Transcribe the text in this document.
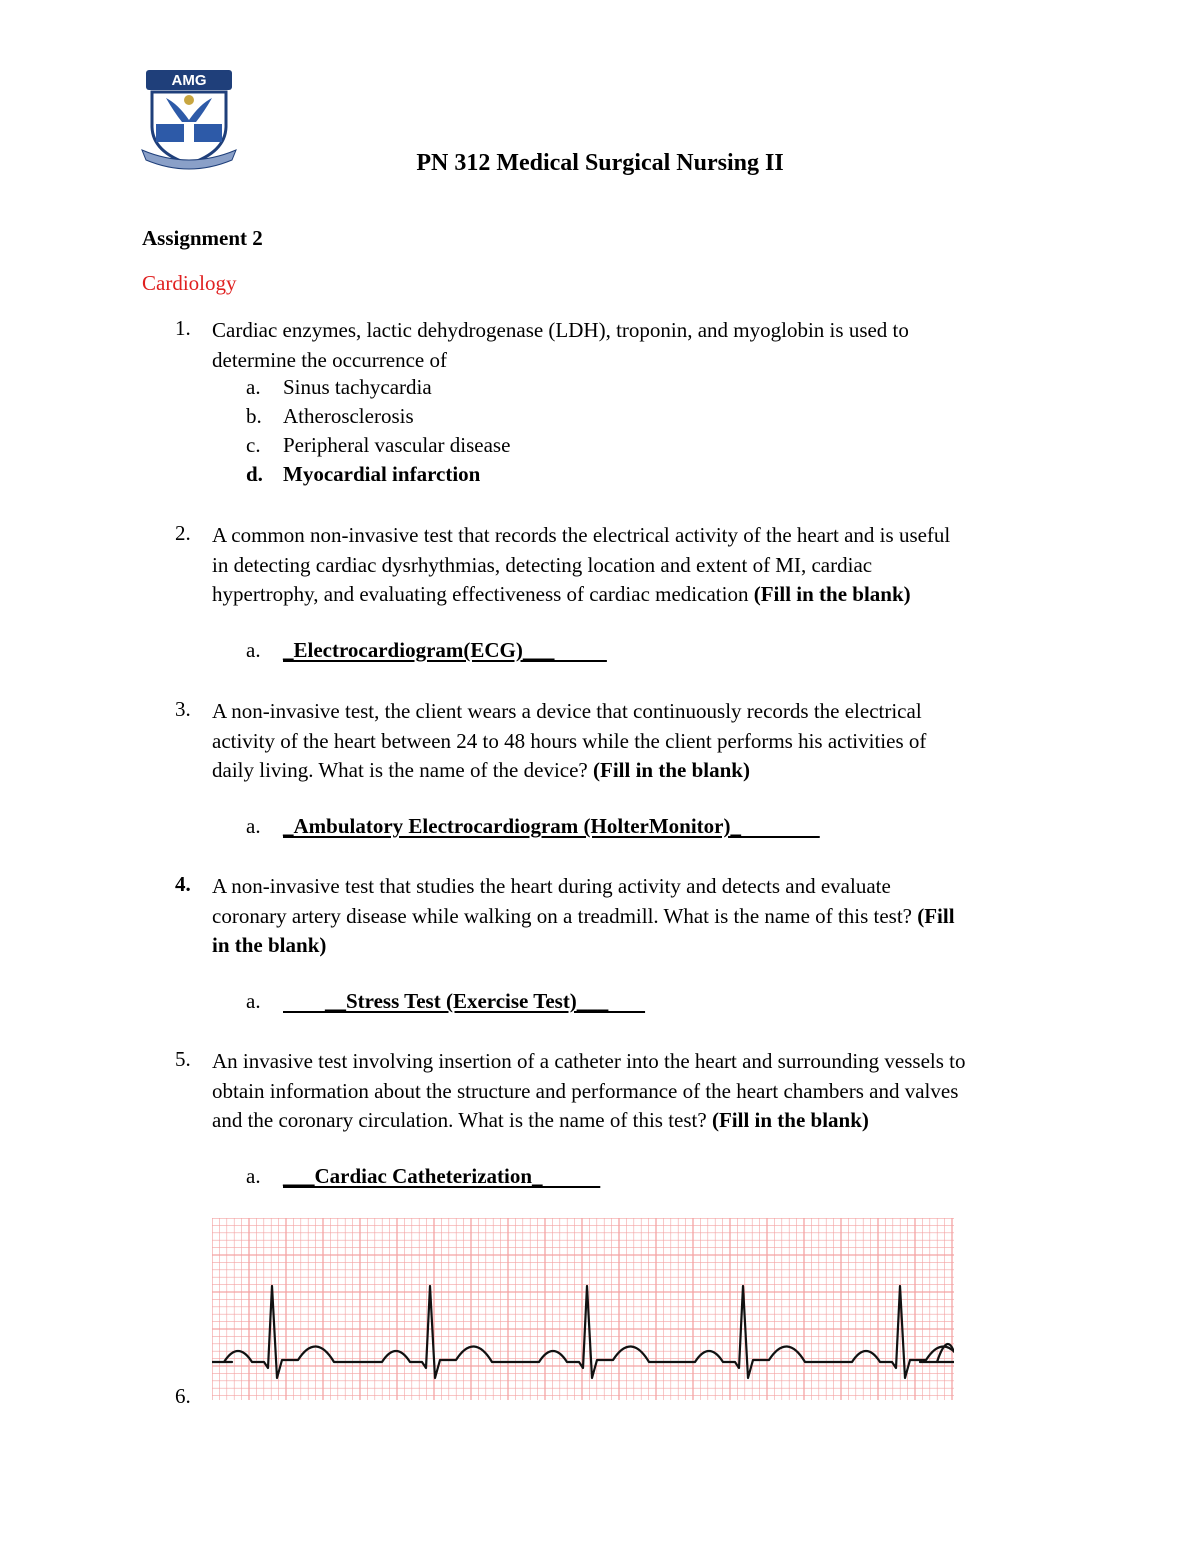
AMG
PN 312 Medical Surgical Nursing II
Assignment 2
Cardiology
1. Cardiac enzymes, lactic dehydrogenase (LDH), troponin, and myoglobin is used to
determine the occurrence of
a. Sinus tachycardia
b. Atherosclerosis
c. Peripheral vascular disease
d. Myocardial infarction
2. A common non-invasive test that records the electrical activity of the heart and is useful
in detecting cardiac dysrhythmias, detecting location and extent of MI, cardiac
hypertrophy, and evaluating effectiveness of cardiac medication (Fill in the blank)
a. _Electrocardiogram(ECG)___
3. A non-invasive test, the client wears a device that continuously records the electrical
activity of the heart between 24 to 48 hours while the client performs his activities of
daily living. What is the name of the device? (Fill in the blank)
a. _Ambulatory Electrocardiogram (HolterMonitor)_
4. A non-invasive test that studies the heart during activity and detects and evaluate
coronary artery disease while walking on a treadmill. What is the name of this test? (Fill
in the blank)
a. __Stress Test (Exercise Test)___
5. An invasive test involving insertion of a catheter into the heart and surrounding vessels to
obtain information about the structure and performance of the heart chambers and valves
and the coronary circulation. What is the name of this test? (Fill in the blank)
a. ___Cardiac Catheterization_
6.
